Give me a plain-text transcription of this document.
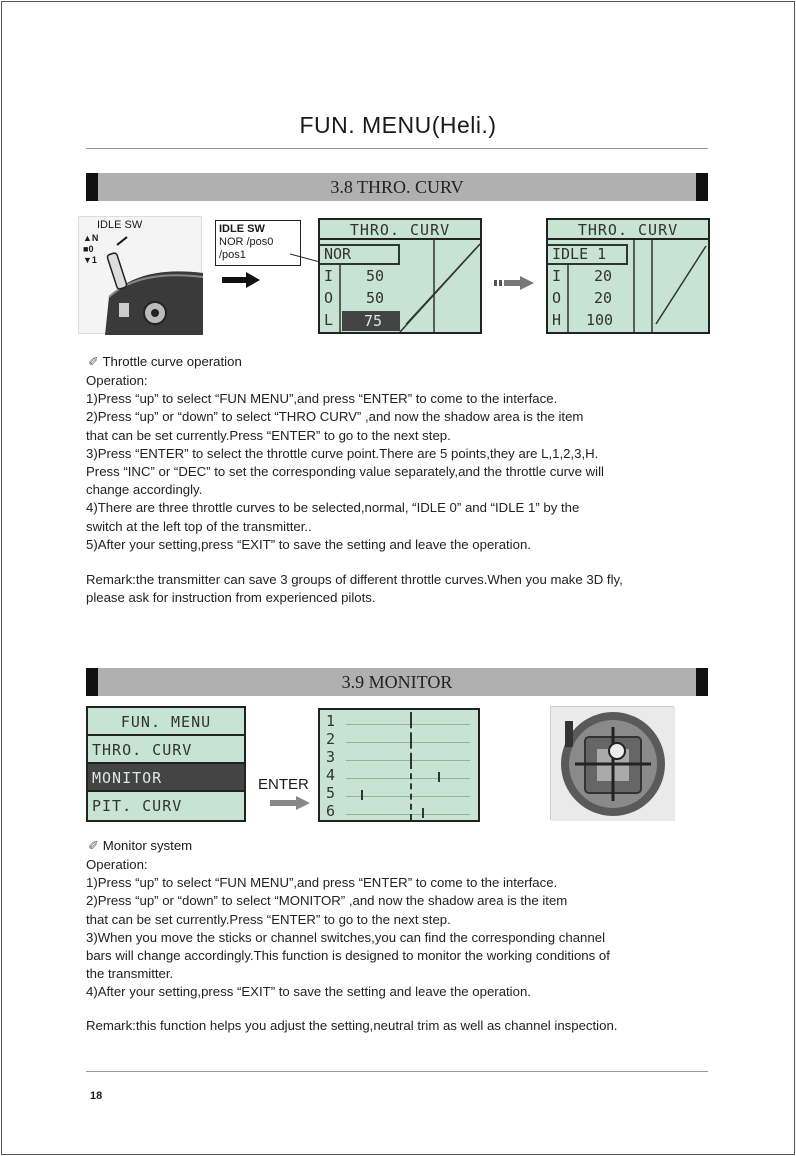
FUN. MENU(Heli.)
3.8 THRO. CURV
IDLE SW
▲N
■0
▼1
IDLE SW
NOR /pos0
/pos1
THRO. CURV
NOR
I 50
O 50
L	75
THRO. CURV
IDLE 1
I 20
O 20
H 100
✐ Throttle curve operation
Operation:
1)Press “up” to select “FUN MENU”,and press “ENTER” to come to the interface.
2)Press “up” or “down” to select “THRO CURV” ,and now the shadow area is the item
that can be set currently.Press “ENTER” to go to the next step.
3)Press “ENTER” to select the throttle curve point.There are 5 points,they are L,1,2,3,H.
Press “INC” or “DEC” to set the corresponding value separately,and the throttle curve will
change accordingly.
4)There are three throttle curves to be selected,normal, “IDLE 0” and “IDLE 1” by the
switch at the left top of the transmitter..
5)After your setting,press “EXIT” to save the setting and leave the operation.
Remark:the transmitter can save 3 groups of different throttle curves.When you make 3D fly,
please ask for instruction from experienced pilots.
3.9 MONITOR
FUN. MENU
THRO. CURV
MONITOR
PIT. CURV
ENTER
1
2
3
4
5
6
✐ Monitor system
Operation:
1)Press “up” to select “FUN MENU”,and press “ENTER” to come to the interface.
2)Press “up” or “down” to select “MONITOR” ,and now the shadow area is the item
that can be set currently.Press “ENTER” to go to the next step.
3)When you move the sticks or channel switches,you can find the corresponding channel
bars will change accordingly.This function is designed to monitor the working conditions of
the transmitter.
4)After your setting,press “EXIT” to save the setting and leave the operation.
Remark:this function helps you adjust the setting,neutral trim as well as channel inspection.
18
